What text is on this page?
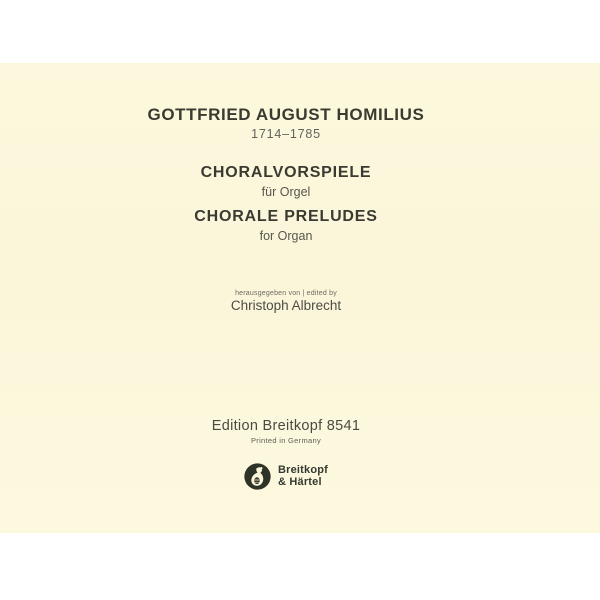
GOTTFRIED AUGUST HOMILIUS
1714–1785
CHORALVORSPIELE
für Orgel
CHORALE PRELUDES
for Organ
herausgegeben von | edited by
Christoph Albrecht
Edition Breitkopf 8541
Printed in Germany
Breitkopf
& Härtel
